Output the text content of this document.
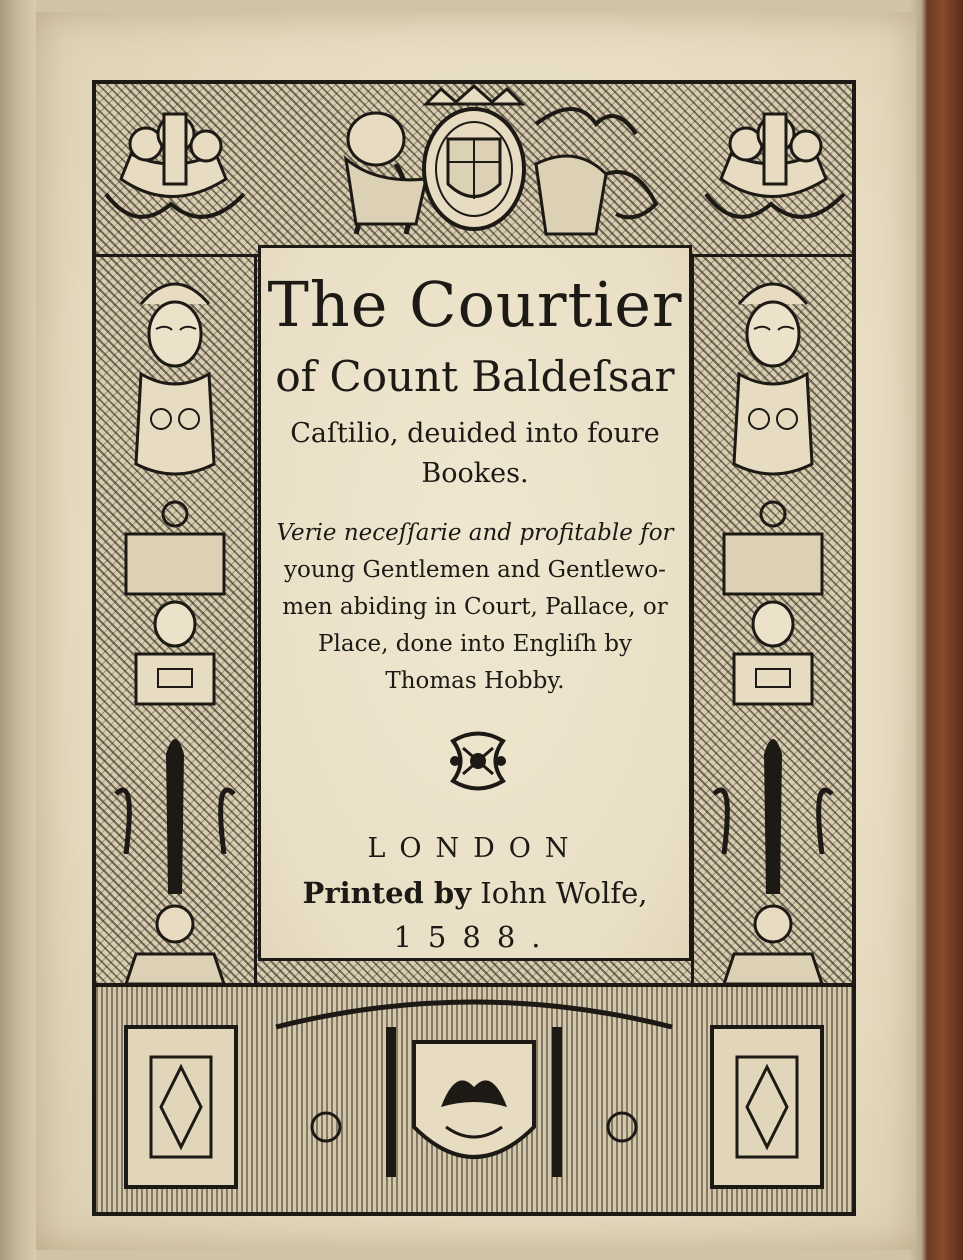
The Courtier
of Count Baldeſsar
Caſtilio, deuided into foure
Bookes.
Verie neceſſarie and profitable for
young Gentlemen and Gentlewo-
men abiding in Court, Pallace, or
Place, done into Engliſh by
Thomas Hobby.
LONDON
Printed by Iohn Wolfe,
1588.
